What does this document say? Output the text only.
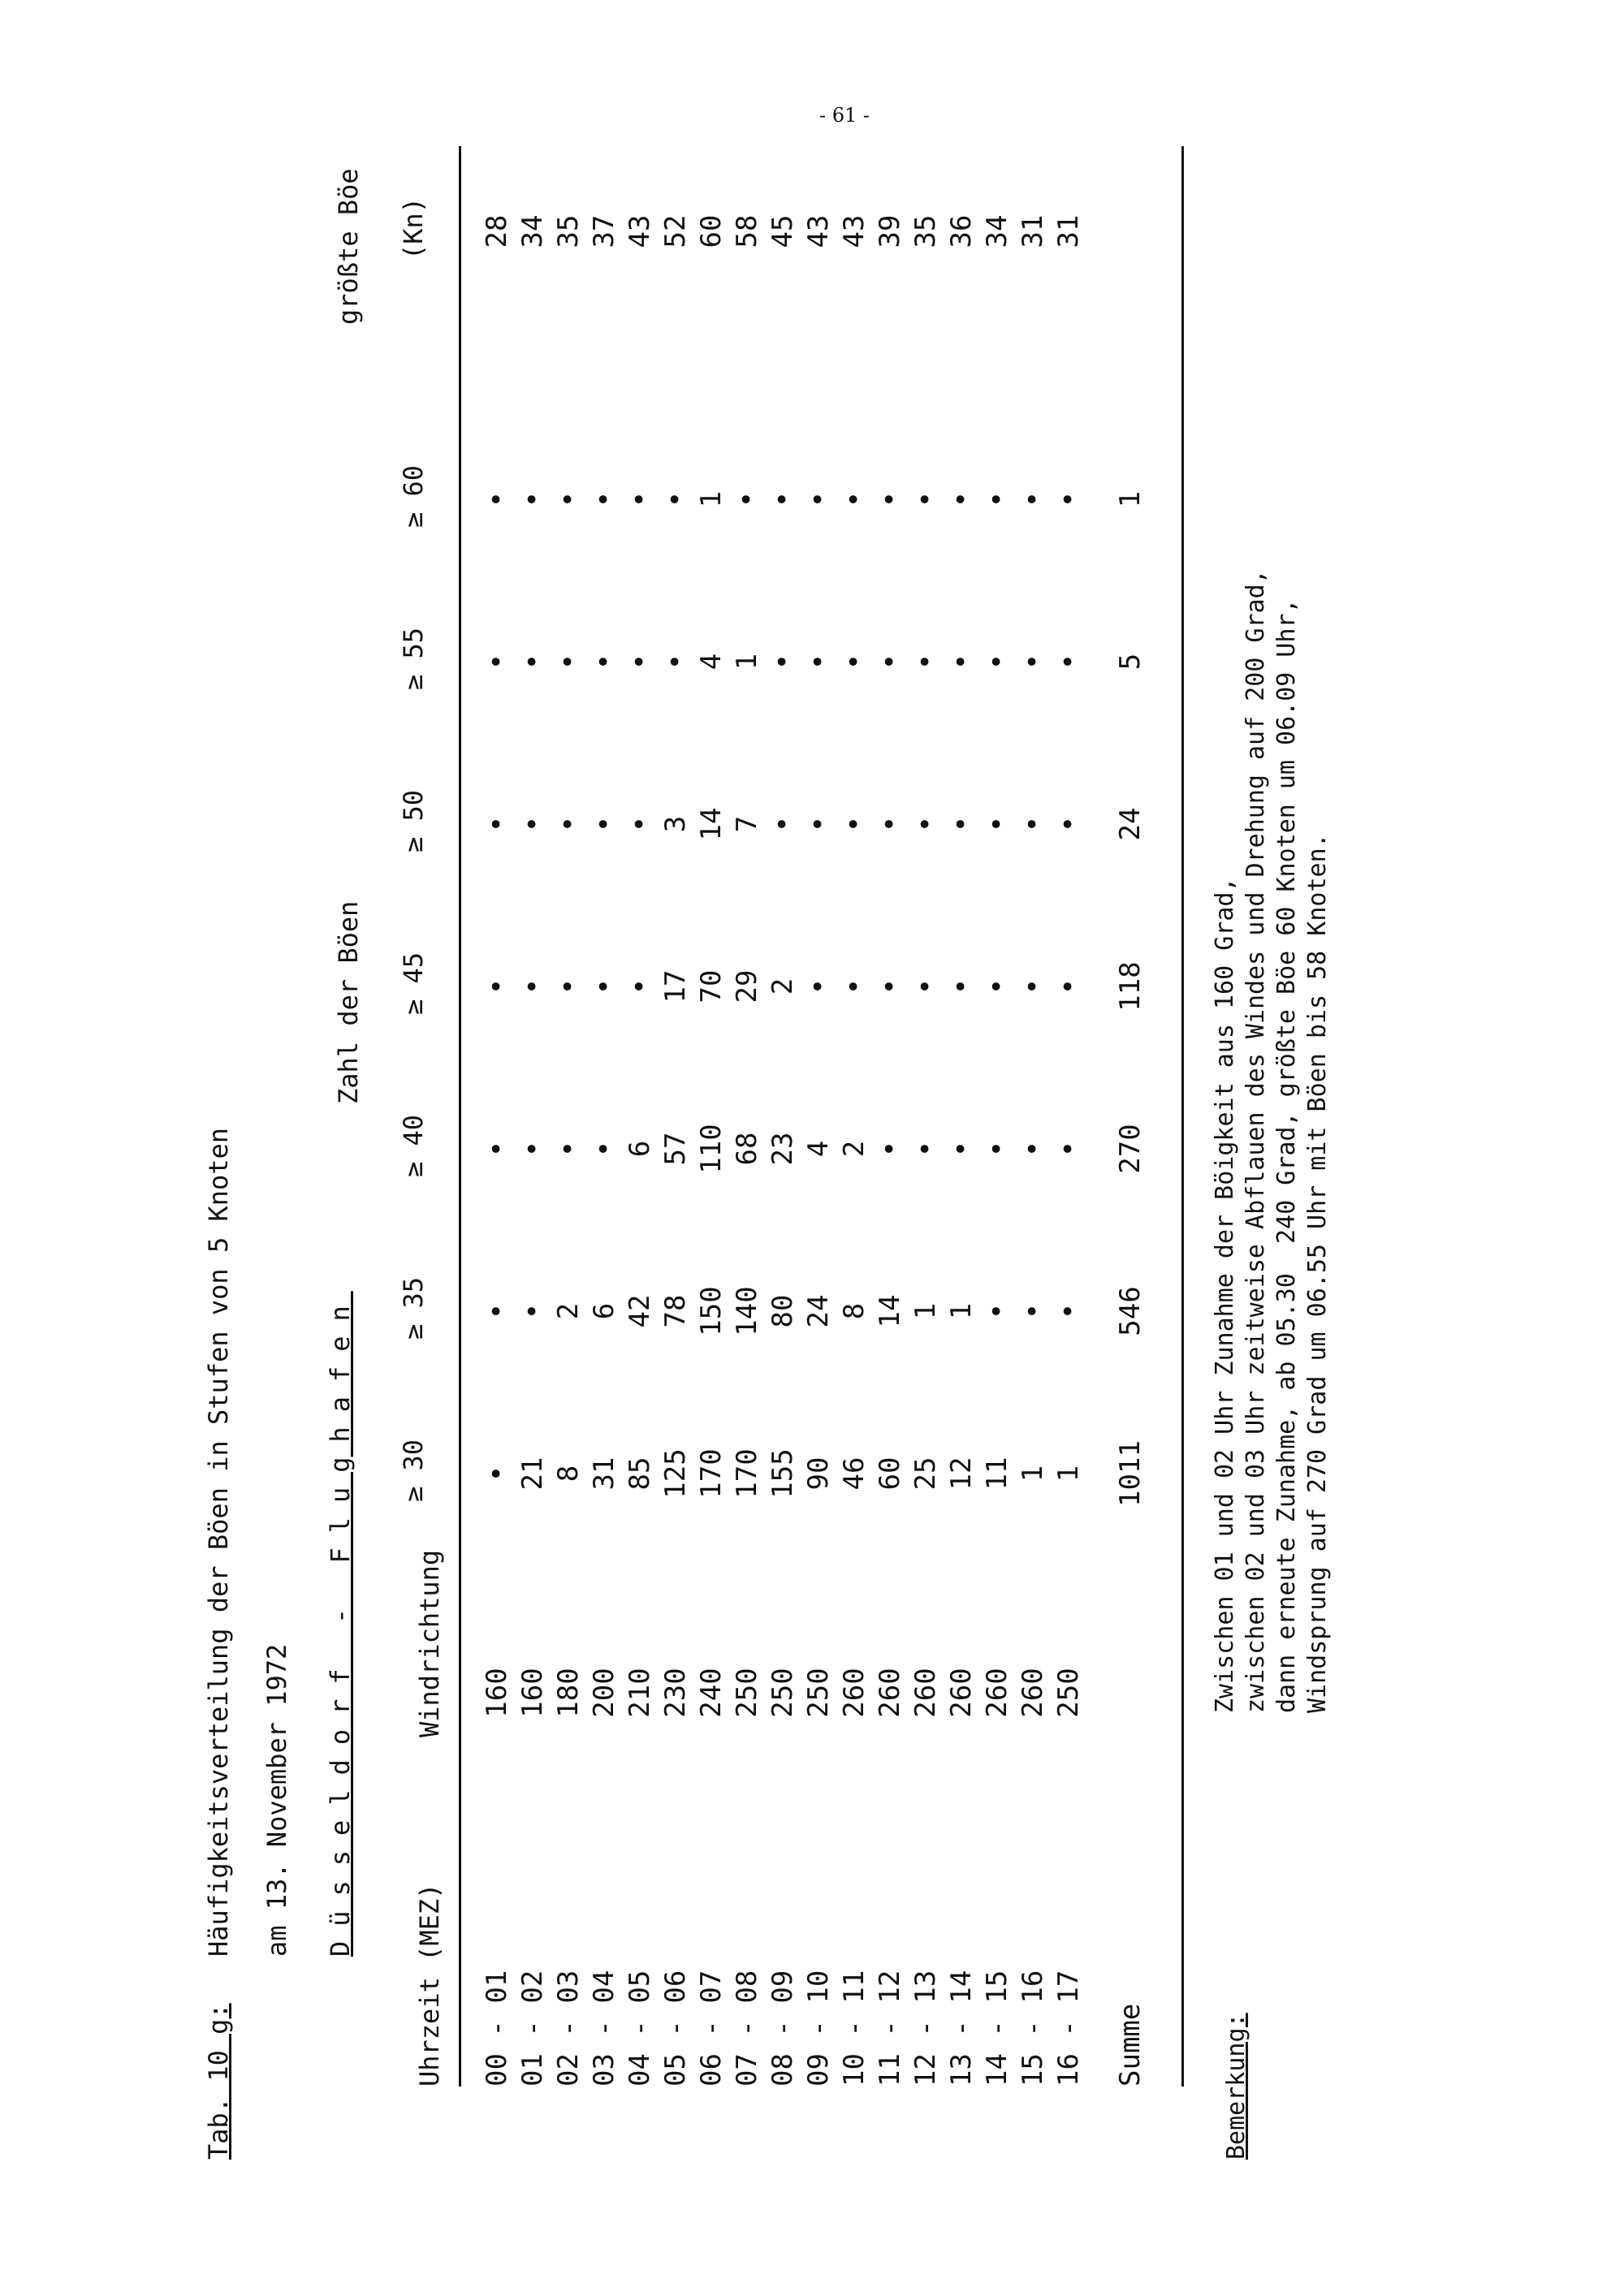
- 61 -
Tab. 10 g:
Häufigkeitsverteilung der Böen in Stufen von 5 Knoten am 13. November 1972 Düsseldorf - Flughafen
Uhrzeit (MEZ)
Windrichtung
Zahl der Böen
größte Böe (Kn)
≥ 30
≥ 35
≥ 40
≥ 45
≥ 50
≥ 55
≥ 60
00 - 01
160
•
•
•
•
•
•
•
28
01 - 02
160
21
•
•
•
•
•
•
34
02 - 03
180
8
2
•
•
•
•
•
35
03 - 04
200
31
6
•
•
•
•
•
37
04 - 05
210
85
42
6
•
•
•
•
43
05 - 06
230
125
78
57
17
3
•
•
52
06 - 07
240
170
150
110
70
14
4
1
60
07 - 08
250
170
140
68
29
7
1
•
58
08 - 09
250
155
80
23
2
•
•
•
45
09 - 10
250
90
24
4
•
•
•
•
43
10 - 11
260
46
8
2
•
•
•
•
43
11 - 12
260
60
14
•
•
•
•
•
39
12 - 13
260
25
1
•
•
•
•
•
35
13 - 14
260
12
1
•
•
•
•
•
36
14 - 15
260
11
•
•
•
•
•
•
34
15 - 16
260
1
•
•
•
•
•
•
31
16 - 17
250
1
•
•
•
•
•
•
31
Summe
1011
546
270
118
24
5
1
Bemerkung:
Zwischen 01 und 02 Uhr Zunahme der Böigkeit aus 160 Grad, zwischen 02 und 03 Uhr zeitweise Abflauen des Windes und Drehung auf 200 Grad, dann erneute Zunahme, ab 05.30  240 Grad, größte Böe 60 Knoten um 06.09 Uhr, Windsprung auf 270 Grad um 06.55 Uhr mit Böen bis 58 Knoten.
